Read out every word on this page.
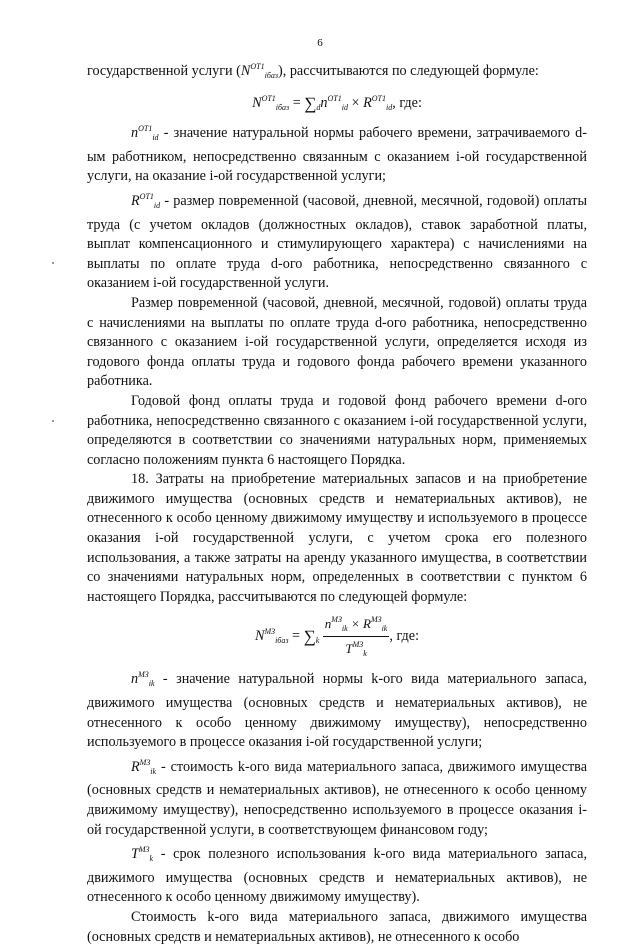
6

государственной услуги $(N^{ОТ1}_{iбаз})$, рассчитываются по следующей формуле:

$N^{ОТ1}_{iбаз} = \sum_dn^{ОТ1}_{id} \times R^{ОТ1}_{id}$, где:

$n^{ОТ1}_{id}$ - значение натуральной нормы рабочего времени, затрачиваемого d-ым работником, непосредственно связанным с оказанием i-ой государственной услуги, на оказание i-ой государственной услуги;

$R^{ОТ1}_{id}$ - размер повременной (часовой, дневной, месячной, годовой) оплаты труда (с учетом окладов (должностных окладов), ставок заработной платы, выплат компенсационного и стимулирующего характера) с начислениями на выплаты по оплате труда d-ого работника, непосредственно связанного с оказанием i-ой государственной услуги.

Размер повременной (часовой, дневной, месячной, годовой) оплаты труда с начислениями на выплаты по оплате труда d-ого работника, непосредственно связанного с оказанием i-ой государственной услуги, определяется исходя из годового фонда оплаты труда и годового фонда рабочего времени указанного работника.

Годовой фонд оплаты труда и годовой фонд рабочего времени d-ого работника, непосредственно связанного с оказанием i-ой государственной услуги, определяются в соответствии со значениями натуральных норм, применяемых согласно положениям пункта 6 настоящего Порядка.

18. Затраты на приобретение материальных запасов и на приобретение движимого имущества (основных средств и нематериальных активов), не отнесенного к особо ценному движимому имуществу и используемого в процессе оказания i-ой государственной услуги, с учетом срока его полезного использования, а также затраты на аренду указанного имущества, в соответствии со значениями натуральных норм, определенных в соответствии с пунктом 6 настоящего Порядка, рассчитываются по следующей формуле:

$N^{МЗ}_{iбаз} = \sum_k \frac{n^{МЗ}_{ik} \times R^{МЗ}_{ik}}{T^{МЗ}_k}$ , где:

$n^{МЗ}_{ik}$ - значение натуральной нормы k-ого вида материального запаса, движимого имущества (основных средств и нематериальных активов), не отнесенного к особо ценному движимому имуществу), непосредственно используемого в процессе оказания i-ой государственной услуги;

$R^{МЗ}_{ik}$ - стоимость k-ого вида материального запаса, движимого имущества (основных средств и нематериальных активов), не отнесенного к особо ценному движимому имуществу), непосредственно используемого в процессе оказания i-ой государственной услуги, в соответствующем финансовом году;

$T^{МЗ}_k$ - срок полезного использования k-ого вида материального запаса, движимого имущества (основных средств и нематериальных активов), не отнесенного к особо ценному движимому имуществу).

Стоимость k-ого вида материального запаса, движимого имущества (основных средств и нематериальных активов), не отнесенного к особо
